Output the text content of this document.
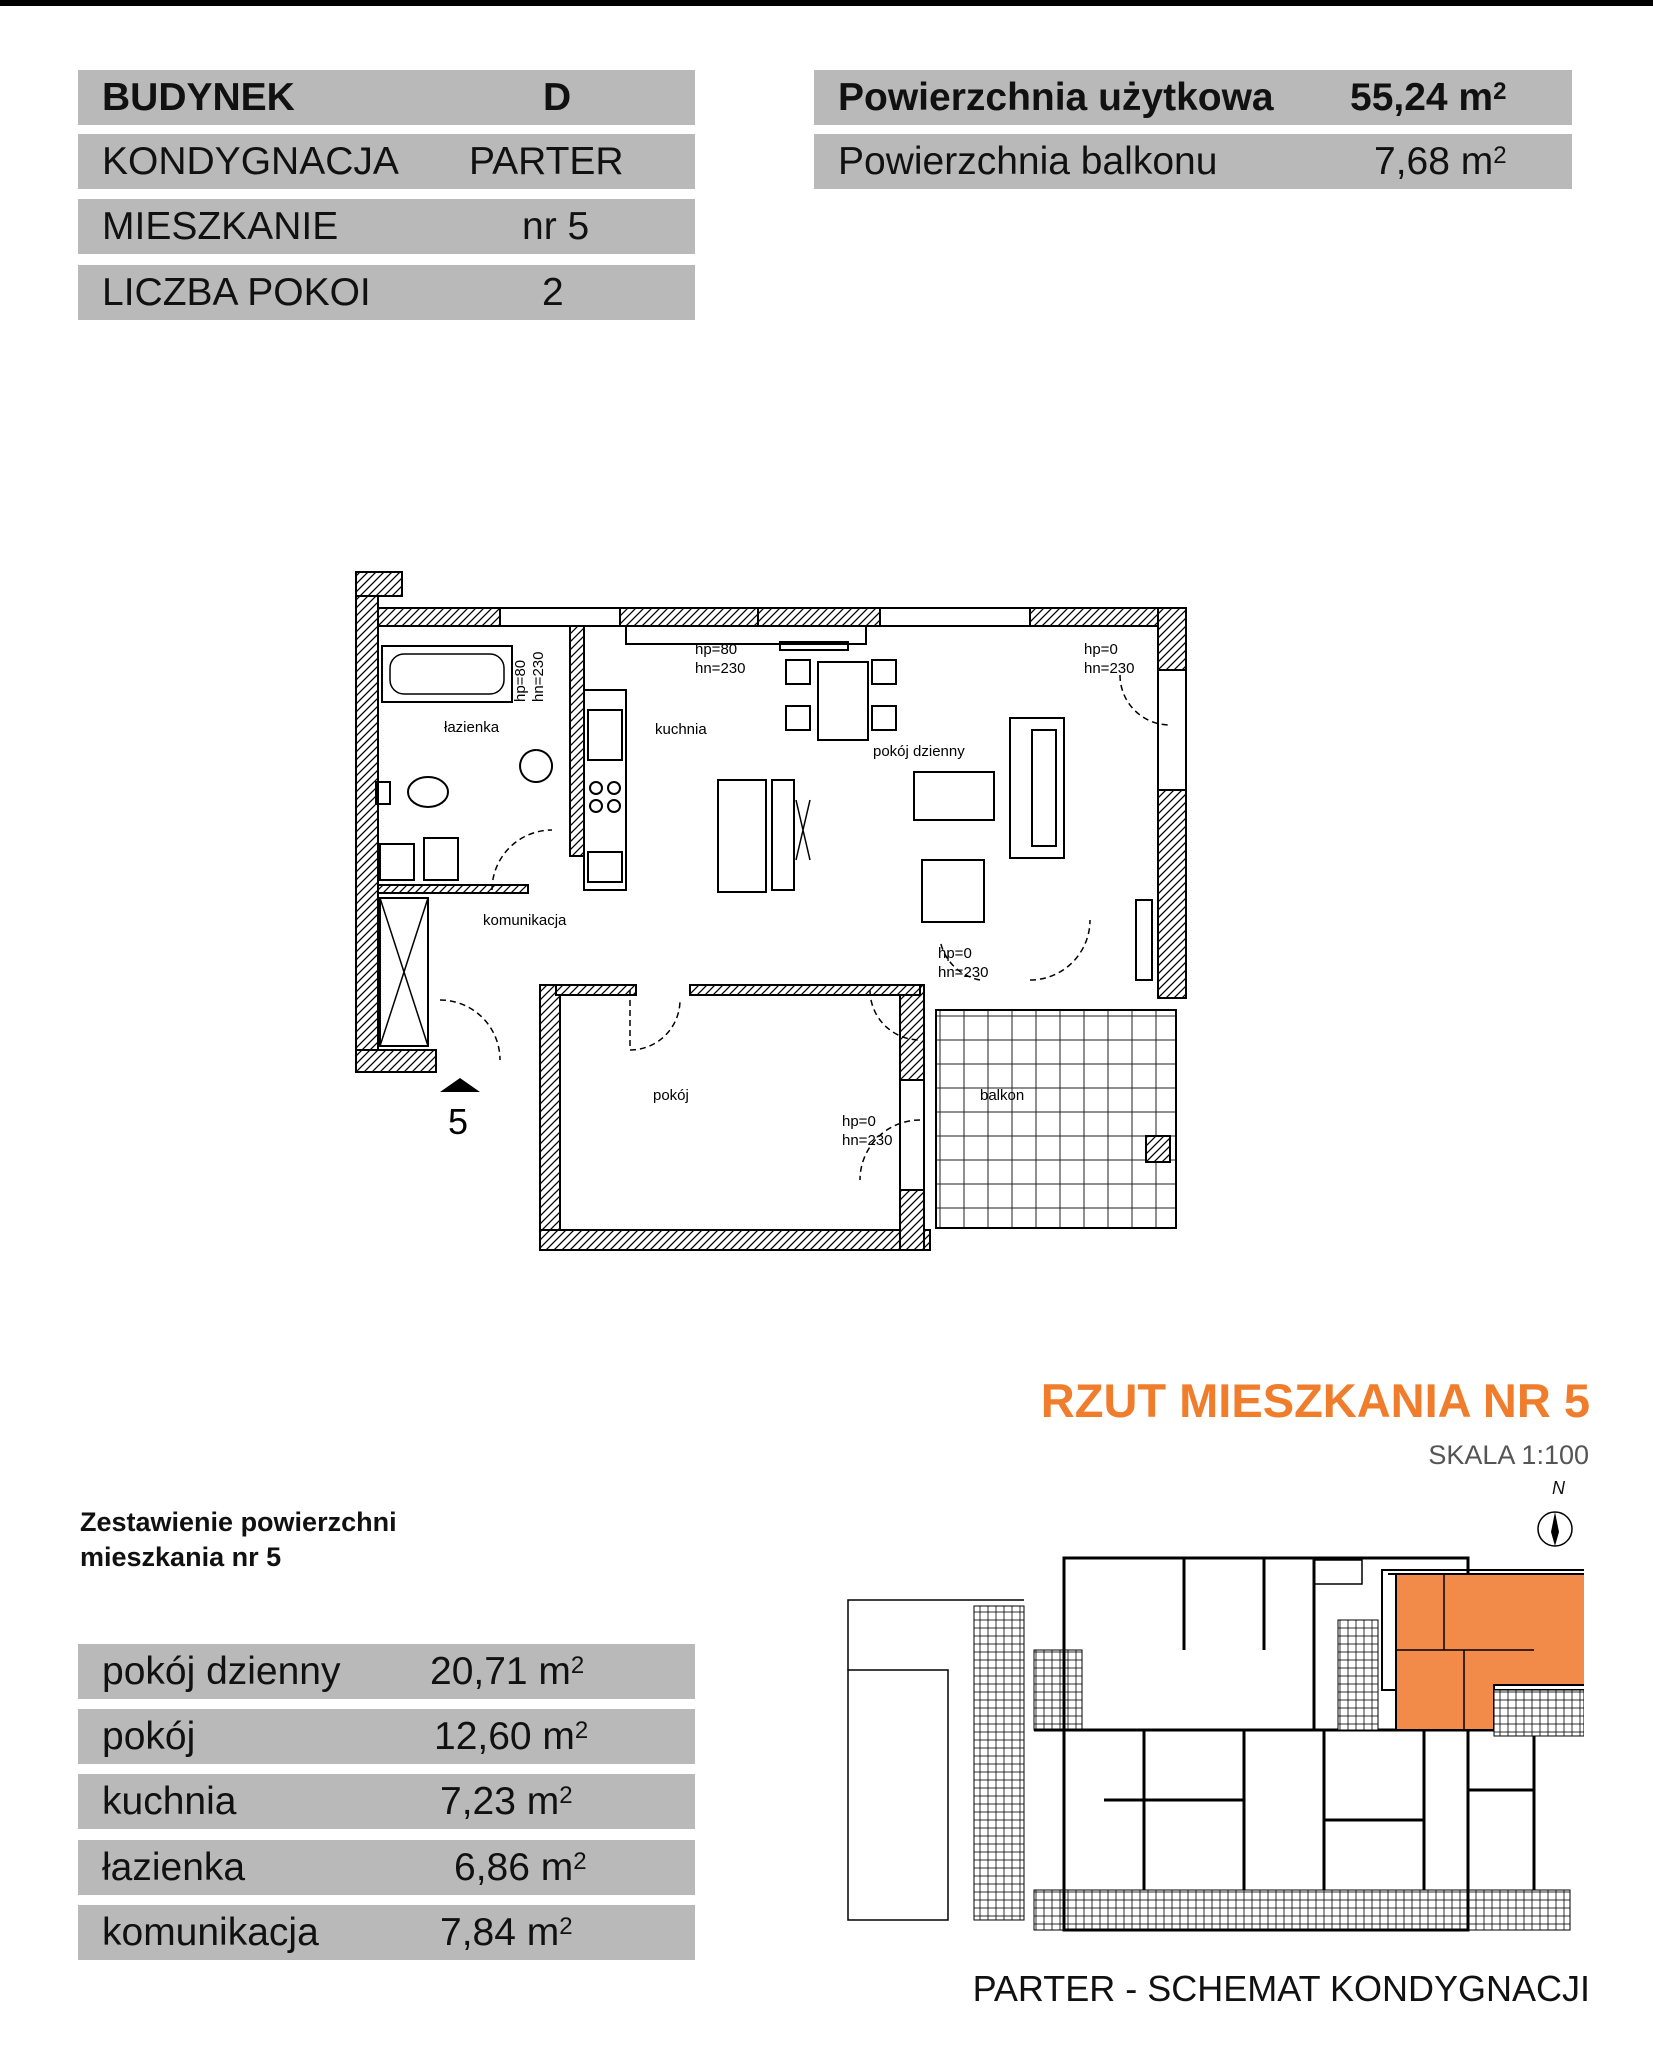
BUDYNEK	D
KONDYGNACJA PARTER
MIESZKANIE	nr 5
LICZBA POKOI	2
Powierzchnia użytkowa 55,24 $m^2$
Powierzchnia balkonu	7,68 $m^2$
łazienka	kuchnia
pokój dzienny
komunikacja
pokój	balkon
hp=80
hn=230
hp=0
hn=230
hp=0
hn=230
hp=0
hn=230
hp=80 hn=230
5
RZUT MIESZKANIA NR 5
SKALA 1:100
Zestawienie powierzchni
mieszkania nr 5
pokój dzienny 20,71 $m^2$
pokój	12,60 $m^2$
kuchnia	7,23 $m^2$
łazienka	6,86 $m^2$
komunikacja	7,84 $m^2$
N
PARTER - SCHEMAT KONDYGNACJI
